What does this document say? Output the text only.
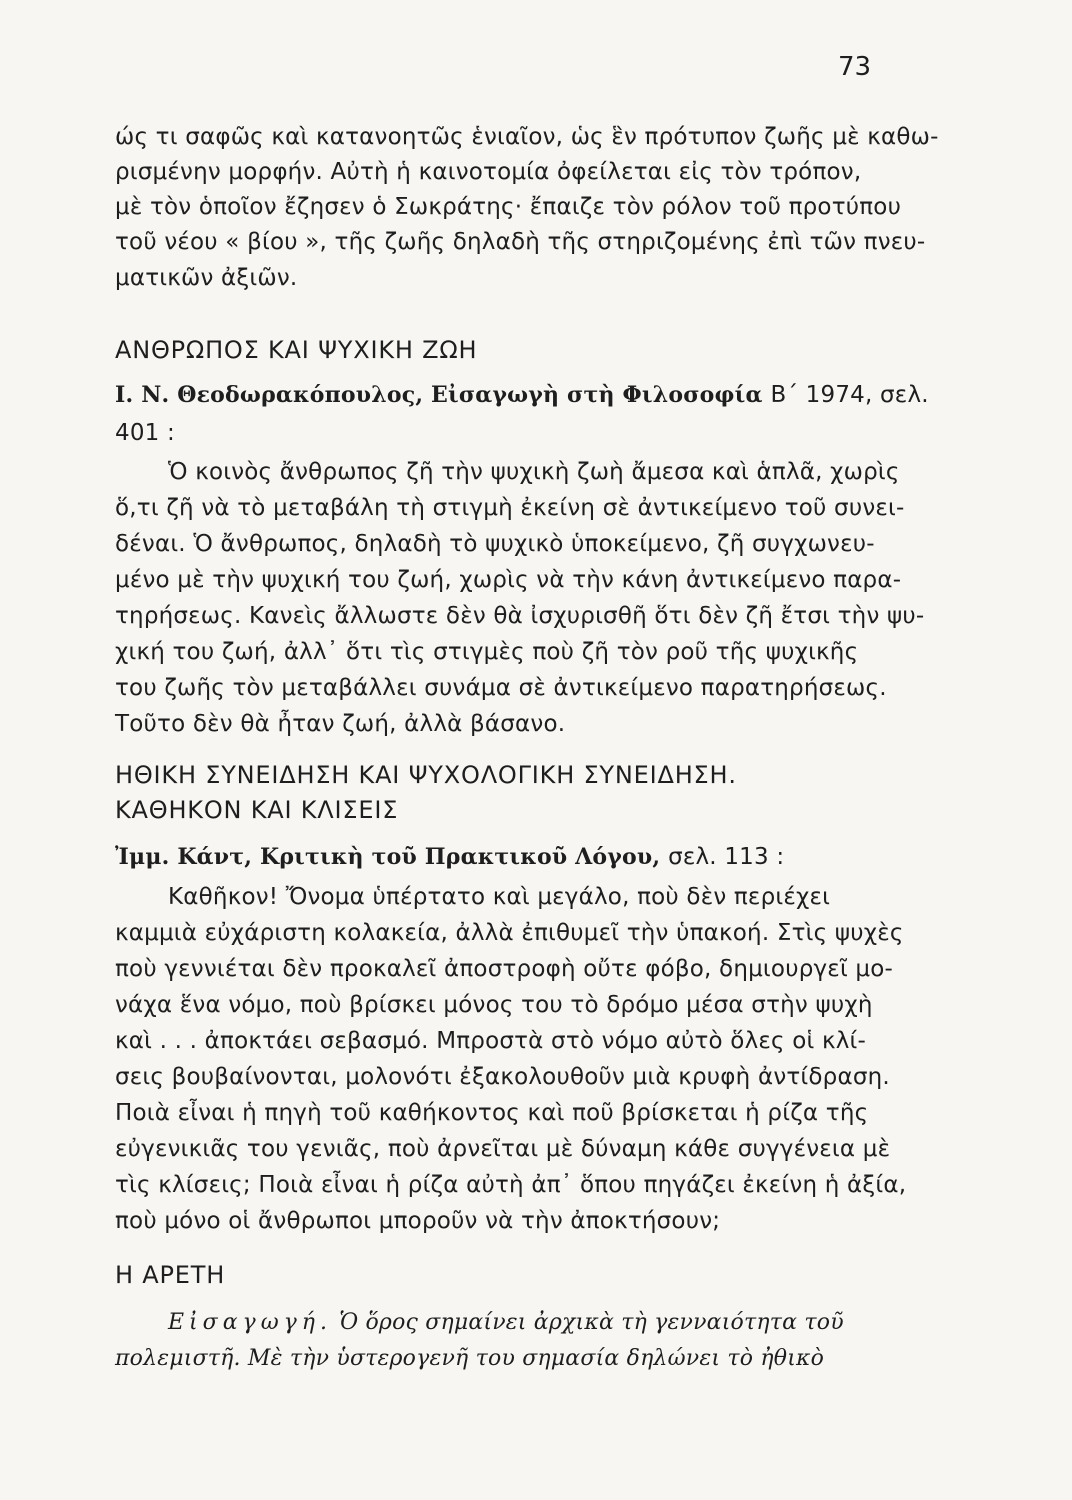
73
ώς τι σαφῶς καὶ κατανοητῶς ἑνιαῖον, ὡς ἓν πρότυπον ζωῆς μὲ καθω-
ρισμένην μορφήν. Αὐτὴ ἡ καινοτομία ὀφείλεται εἰς τὸν τρόπον,
μὲ τὸν ὁποῖον ἔζησεν ὁ Σωκράτης· ἔπαιζε τὸν ρόλον τοῦ προτύπου
τοῦ νέου « βίου », τῆς ζωῆς δηλαδὴ τῆς στηριζομένης ἐπὶ τῶν πνευ-
ματικῶν ἀξιῶν.
ΑΝΘΡΩΠΟΣ ΚΑΙ ΨΥΧΙΚΗ ΖΩΗ
Ι. Ν. Θεοδωρακόπουλος, Εἰσαγωγὴ στὴ Φιλοσοφία Β΄ 1974, σελ.
401 :
Ὁ κοινὸς ἄνθρωπος ζῆ τὴν ψυχικὴ ζωὴ ἄμεσα καὶ ἁπλᾶ, χωρὶς
ὅ,τι ζῆ νὰ τὸ μεταβάλη τὴ στιγμὴ ἐκείνη σὲ ἀντικείμενο τοῦ συνει-
δέναι. Ὁ ἄνθρωπος, δηλαδὴ τὸ ψυχικὸ ὑποκείμενο, ζῆ συγχωνευ-
μένο μὲ τὴν ψυχική του ζωή, χωρὶς νὰ τὴν κάνη ἀντικείμενο παρα-
τηρήσεως. Κανεὶς ἄλλωστε δὲν θὰ ἰσχυρισθῆ ὅτι δὲν ζῆ ἔτσι τὴν ψυ-
χική του ζωή, ἀλλ᾿ ὅτι τὶς στιγμὲς ποὺ ζῆ τὸν ροῦ τῆς ψυχικῆς
του ζωῆς τὸν μεταβάλλει συνάμα σὲ ἀντικείμενο παρατηρήσεως.
Τοῦτο δὲν θὰ ἦταν ζωή, ἀλλὰ βάσανο.
ΗΘΙΚΗ ΣΥΝΕΙΔΗΣΗ ΚΑΙ ΨΥΧΟΛΟΓΙΚΗ ΣΥΝΕΙΔΗΣΗ.
ΚΑΘΗΚΟΝ ΚΑΙ ΚΛΙΣΕΙΣ
Ἰμμ. Κάντ, Κριτικὴ τοῦ Πρακτικοῦ Λόγου, σελ. 113 :
Καθῆκον! Ὄνομα ὑπέρτατο καὶ μεγάλο, ποὺ δὲν περιέχει
καμμιὰ εὐχάριστη κολακεία, ἀλλὰ ἐπιθυμεῖ τὴν ὑπακοή. Στὶς ψυχὲς
ποὺ γεννιέται δὲν προκαλεῖ ἀποστροφὴ οὔτε φόβο, δημιουργεῖ μο-
νάχα ἕνα νόμο, ποὺ βρίσκει μόνος του τὸ δρόμο μέσα στὴν ψυχὴ
καὶ . . . ἀποκτάει σεβασμό. Μπροστὰ στὸ νόμο αὐτὸ ὅλες οἱ κλί-
σεις βουβαίνονται, μολονότι ἐξακολουθοῦν μιὰ κρυφὴ ἀντίδραση.
Ποιὰ εἶναι ἡ πηγὴ τοῦ καθήκοντος καὶ ποῦ βρίσκεται ἡ ρίζα τῆς
εὐγενικιᾶς του γενιᾶς, ποὺ ἀρνεῖται μὲ δύναμη κάθε συγγένεια μὲ
τὶς κλίσεις; Ποιὰ εἶναι ἡ ρίζα αὐτὴ ἀπ᾿ ὅπου πηγάζει ἐκείνη ἡ ἀξία,
ποὺ μόνο οἱ ἄνθρωποι μποροῦν νὰ τὴν ἀποκτήσουν;
Η ΑΡΕΤΗ
Εἰσαγωγή. Ὁ ὅρος σημαίνει ἀρχικὰ τὴ γενναιότητα τοῦ
πολεμιστῆ. Μὲ τὴν ὑστερογενῆ του σημασία δηλώνει τὸ ἠθικὸ
